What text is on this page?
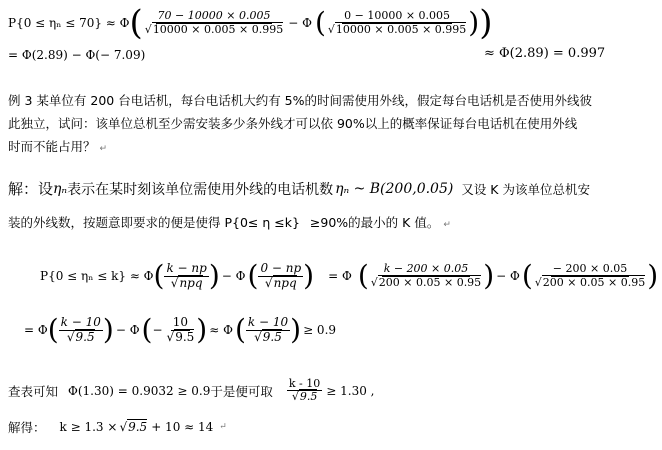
P{0 ≤ ηₙ ≤ 70} ≈ Φ ( $\frac{70 - 10000 \times 0.005}{√10000 \times 0.005 \times 0.995} - \Phi$ ( $\frac{0 - 10000 \times 0.005}{√10000 \times 0.005 \times 0.995}$ ) )
= Φ(2.89) − Φ(− 7.09)	≈ Φ(2.89) = 0.997
例 3 某单位有 200 台电话机，每台电话机大约有 5%的时间需使用外线，假定每台电话机是否使用外线彼
此独立，试问：该单位总机至少需安装多少条外线才可以依 90%以上的概率保证每台电话机在使用外线
时而不能占用？ ↵
解：设 ηₙ 表示在某时刻该单位需使用外线的电话机数 ηₙ ~ B(200,0.05) 又设 K 为该单位总机安
装的外线数，按题意即要求的便是使得 P{0≤ η ≤k} ≥90%的最小的 K 值。 ↵
P{0 ≤ ηₙ ≤ k} ≈ Φ ( $\frac{k - np}{\text{√npq}}$ ) − Φ ( $\frac{0 - np}{\text{√npq}}$ ) = Φ ( $\frac{k - 200 \times 0.05}{√200 \times 0.05 \times 0.95}$ ) − Φ ( $\frac{- 200 \times 0.05}{√200 \times 0.05 \times 0.95}$ )
= Φ ( $\frac{k - 10}{√9.5}$ ) − Φ ( − $\frac{10}{√9.5}$ ) ≈ Φ ( $\frac{k - 10}{√9.5}$ ) ≥ 0.9
查表可知 Φ(1.30) = 0.9032 ≥ 0.9 于是便可取 $\frac{k - 10}{√9.5} \ge 1.30$ ,
解得： k ≥ 1.3 × √9.5 + 10 ≈ 14 ↵
